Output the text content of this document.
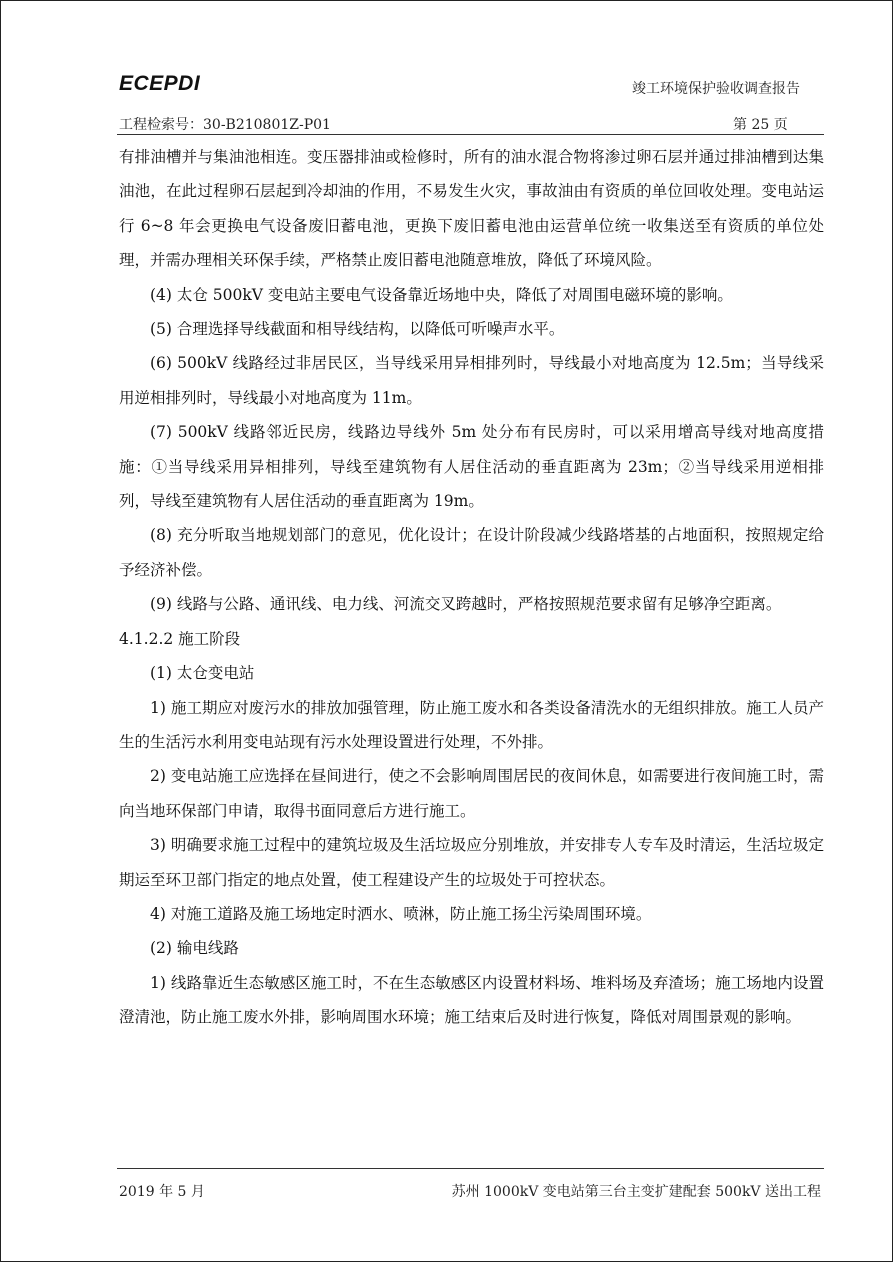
ECEPDI	竣工环境保护验收调查报告
工程检索号：30-B210801Z-P01	第 25 页

有排油槽并与集油池相连。变压器排油或检修时，所有的油水混合物将渗过卵石层并通过排油槽到达集油池，在此过程卵石层起到冷却油的作用，不易发生火灾，事故油由有资质的单位回收处理。变电站运行 6~8 年会更换电气设备废旧蓄电池，更换下废旧蓄电池由运营单位统一收集送至有资质的单位处理，并需办理相关环保手续，严格禁止废旧蓄电池随意堆放，降低了环境风险。

(4) 太仓 500kV 变电站主要电气设备靠近场地中央，降低了对周围电磁环境的影响。

(5) 合理选择导线截面和相导线结构，以降低可听噪声水平。

(6) 500kV 线路经过非居民区，当导线采用异相排列时，导线最小对地高度为 12.5m；当导线采用逆相排列时，导线最小对地高度为 11m。

(7) 500kV 线路邻近民房，线路边导线外 5m 处分布有民房时，可以采用增高导线对地高度措施：①当导线采用异相排列，导线至建筑物有人居住活动的垂直距离为 23m；②当导线采用逆相排列，导线至建筑物有人居住活动的垂直距离为 19m。

(8) 充分听取当地规划部门的意见，优化设计；在设计阶段减少线路塔基的占地面积，按照规定给予经济补偿。

(9) 线路与公路、通讯线、电力线、河流交叉跨越时，严格按照规范要求留有足够净空距离。

4.1.2.2 施工阶段

(1) 太仓变电站

1) 施工期应对废污水的排放加强管理，防止施工废水和各类设备清洗水的无组织排放。施工人员产生的生活污水利用变电站现有污水处理设置进行处理，不外排。

2) 变电站施工应选择在昼间进行，使之不会影响周围居民的夜间休息，如需要进行夜间施工时，需向当地环保部门申请，取得书面同意后方进行施工。

3) 明确要求施工过程中的建筑垃圾及生活垃圾应分别堆放，并安排专人专车及时清运，生活垃圾定期运至环卫部门指定的地点处置，使工程建设产生的垃圾处于可控状态。

4) 对施工道路及施工场地定时洒水、喷淋，防止施工扬尘污染周围环境。

(2) 输电线路

1) 线路靠近生态敏感区施工时，不在生态敏感区内设置材料场、堆料场及弃渣场；施工场地内设置澄清池，防止施工废水外排，影响周围水环境；施工结束后及时进行恢复，降低对周围景观的影响。

2019 年 5 月	苏州 1000kV 变电站第三台主变扩建配套 500kV 送出工程
